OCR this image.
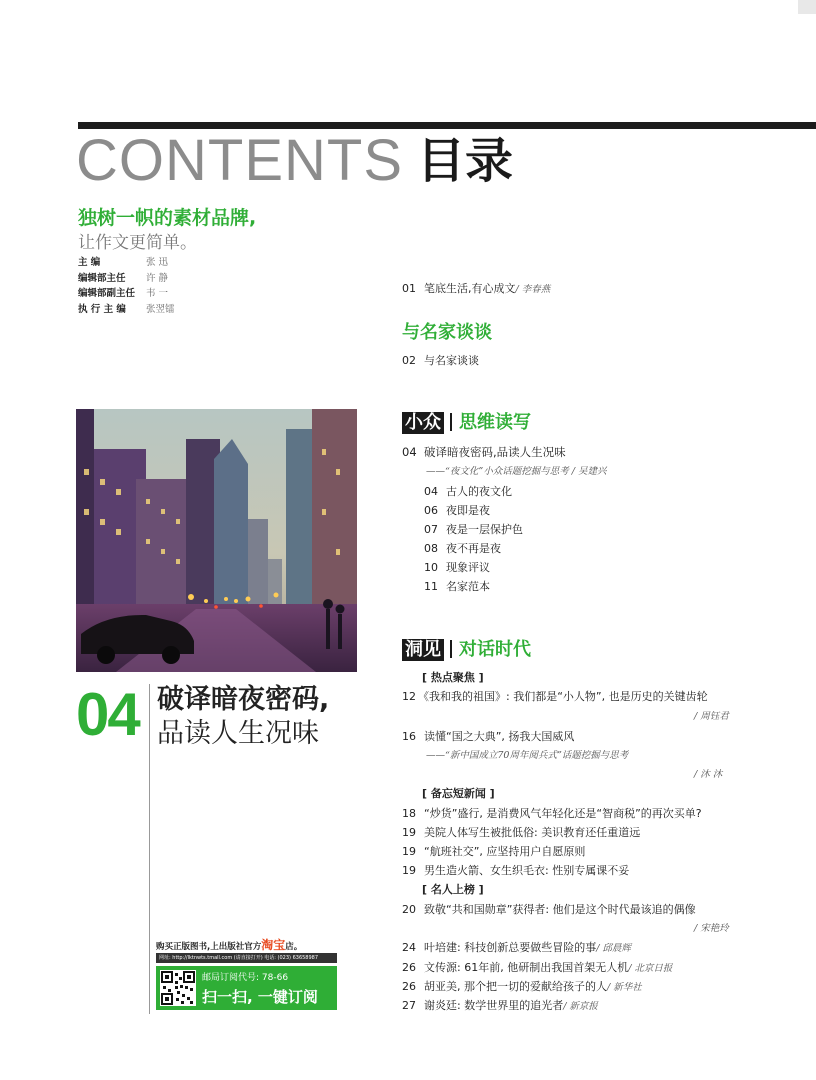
CONTENTS 目录
独树一帜的素材品牌,
让作文更简单。
主 编	张 迅
编辑部主任 许 静
编辑部副主任 韦 一
执 行 主 编 张翌镭
04 破译暗夜密码,
品读人生况味
购买正版图书,上出版社官方淘宝店。
网址: http://lktnwts.tmall.com (请直接打开) 电话: (023) 63658987
邮局订阅代号: 78-66
扫一扫, 一键订阅
01 笔底生活,有心成文/ 李春燕
与名家谈谈
02 与名家谈谈
小众 思维读写
04 破译暗夜密码,品读人生况味
——“夜文化”小众话题挖掘与思考 / 吴建兴
04 古人的夜文化
06 夜即是夜
07 夜是一层保护色
08 夜不再是夜
10 现象评议
11 名家范本
洞见 对话时代
[ 热点聚焦 ]
12 《我和我的祖国》: 我们都是“小人物”, 也是历史的关键齿轮
/ 周钰君
16 读懂“国之大典”, 扬我大国威风
——“新中国成立70周年阅兵式”话题挖掘与思考
/ 沐 沐
[ 备忘短新闻 ]
18 “炒货”盛行, 是消费风气年轻化还是“智商税”的再次买单?
19 美院人体写生被批低俗: 美识教育还任重道远
19 “航班社交”, 应坚持用户自愿原则
19 男生造火箭、女生织毛衣: 性别专属课不妥
[ 名人上榜 ]
20 致敬“共和国勋章”获得者: 他们是这个时代最该追的偶像
/ 宋艳玲
24 叶培建: 科技创新总要做些冒险的事/ 邱晨辉
26 文传源: 61年前, 他研制出我国首架无人机/ 北京日报
26 胡亚美, 那个把一切的爱献给孩子的人/ 新华社
27 谢炎廷: 数学世界里的追光者/ 新京报
